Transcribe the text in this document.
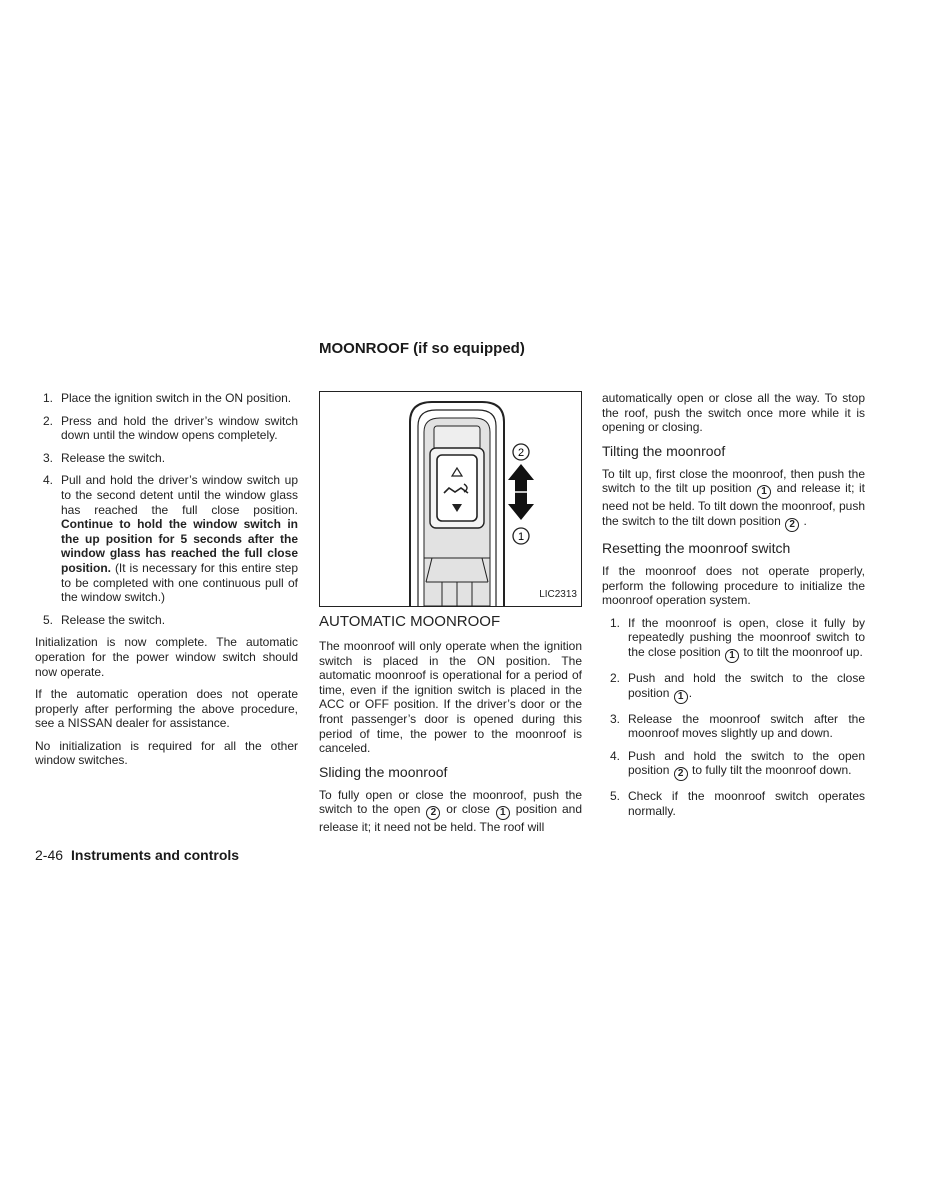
MOONROOF (if so equipped)
1. Place the ignition switch in the ON position.
2. Press and hold the driver’s window switch down until the window opens completely.
3. Release the switch.
4. Pull and hold the driver’s window switch up to the second detent until the window glass has reached the full close position. Continue to hold the window switch in the up position for 5 seconds after the window glass has reached the full close position. (It is necessary for this entire step to be completed with one continuous pull of the window switch.)
5. Release the switch.

Initialization is now complete. The automatic operation for the power window switch should now operate.

If the automatic operation does not operate properly after performing the above procedure, see a NISSAN dealer for assistance.

No initialization is required for all the other window switches.

2
1
LIC2313
AUTOMATIC MOONROOF

The moonroof will only operate when the ignition switch is placed in the ON position. The automatic moonroof is operational for a period of time, even if the ignition switch is placed in the ACC or OFF position. If the driver’s door or the front passenger’s door is opened during this period of time, the power to the moonroof is canceled.

Sliding the moonroof

To fully open or close the moonroof, push the switch to the open 2 or close 1 position and release it; it need not be held. The roof will

automatically open or close all the way. To stop the roof, push the switch once more while it is opening or closing.

Tilting the moonroof

To tilt up, first close the moonroof, then push the switch to the tilt up position 1 and release it; it need not be held. To tilt down the moonroof, push the switch to the tilt down position 2 .

Resetting the moonroof switch

If the moonroof does not operate properly, perform the following procedure to initialize the moonroof operation system.

1. If the moonroof is open, close it fully by repeatedly pushing the moonroof switch to the close position 1 to tilt the moonroof up.
2. Push and hold the switch to the close position 1 .
3. Release the moonroof switch after the moonroof moves slightly up and down.
4. Push and hold the switch to the open position 2 to fully tilt the moonroof down.
5. Check if the moonroof switch operates normally.
2-46 Instruments and controls
